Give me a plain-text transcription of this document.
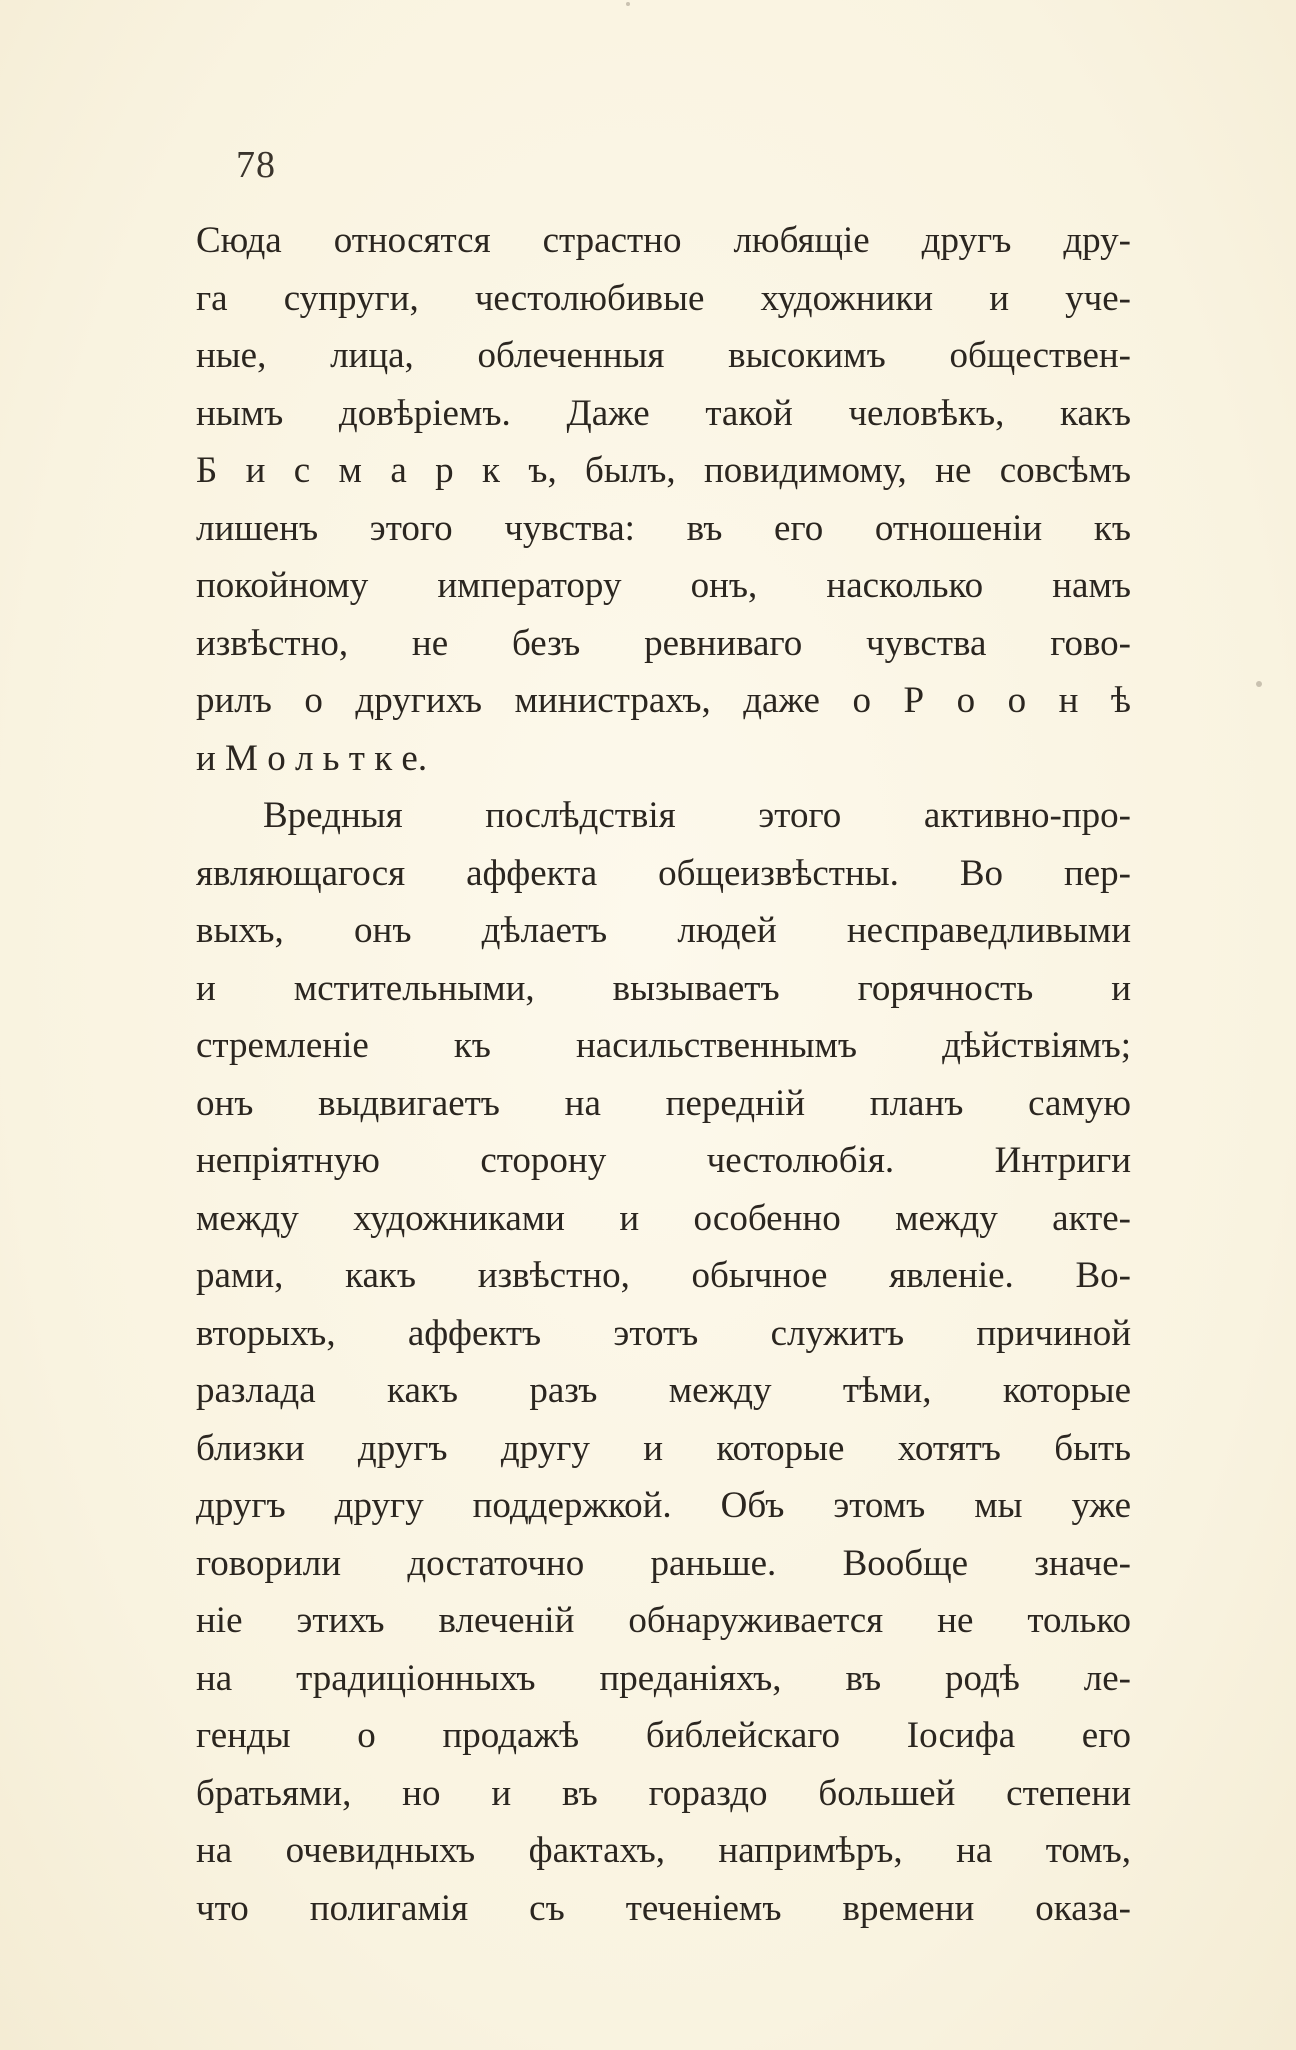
78
Сюда относятся страстно любящіе другъ дру-
га супруги, честолюбивые художники и уче-
ные, лица, облеченныя высокимъ обществен-
нымъ довѣріемъ. Даже такой человѣкъ, какъ
Б и с м а р к ъ, былъ, повидимому, не совсѣмъ
лишенъ этого чувства: въ его отношеніи къ
покойному императору онъ, насколько намъ
извѣстно, не безъ ревниваго чувства гово-
рилъ о другихъ министрахъ, даже о Р о о н ѣ
и М о л ь т к е.
Вредныя послѣдствія этого активно-про-
являющагося аффекта общеизвѣстны. Во пер-
выхъ, онъ дѣлаетъ людей несправедливыми
и мстительными, вызываетъ горячность и
стремленіе къ насильственнымъ дѣйствіямъ;
онъ выдвигаетъ на передній планъ самую
непріятную сторону честолюбія. Интриги
между художниками и особенно между акте-
рами, какъ извѣстно, обычное явленіе. Во-
вторыхъ, аффектъ этотъ служитъ причиной
разлада какъ разъ между тѣми, которые
близки другъ другу и которые хотятъ быть
другъ другу поддержкой. Объ этомъ мы уже
говорили достаточно раньше. Вообще значе-
ніе этихъ влеченій обнаруживается не только
на традиціонныхъ преданіяхъ, въ родѣ ле-
генды о продажѣ библейскаго Іосифа его
братьями, но и въ гораздо большей степени
на очевидныхъ фактахъ, напримѣръ, на томъ,
что полигамія съ теченіемъ времени оказа-
